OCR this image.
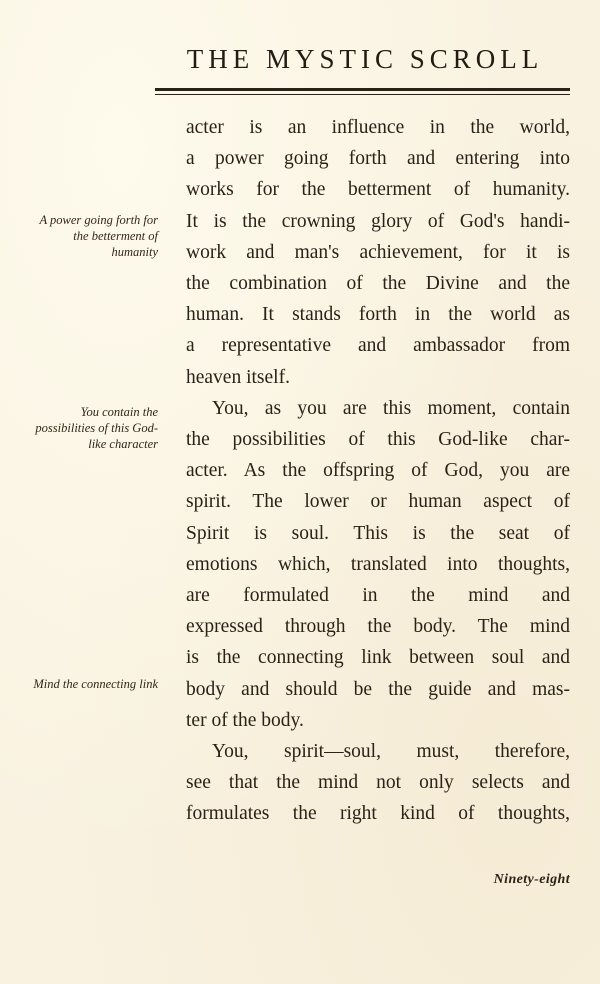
THE MYSTIC SCROLL
A power going forth for the betterment of humanity
You contain the possibilities of this God-like character
Mind the connecting link

acter is an influence in the world,
a power going forth and entering into
works for the betterment of humanity.
It is the crowning glory of God's handi-
work and man's achievement, for it is
the combination of the Divine and the
human. It stands forth in the world as
a representative and ambassador from
heaven itself.

You, as you are this moment, contain
the possibilities of this God-like char-
acter. As the offspring of God, you are
spirit. The lower or human aspect of
Spirit is soul. This is the seat of
emotions which, translated into thoughts,
are formulated in the mind and
expressed through the body. The mind
is the connecting link between soul and
body and should be the guide and mas-
ter of the body.

You, spirit—soul, must, therefore,
see that the mind not only selects and
formulates the right kind of thoughts,

Ninety-eight
